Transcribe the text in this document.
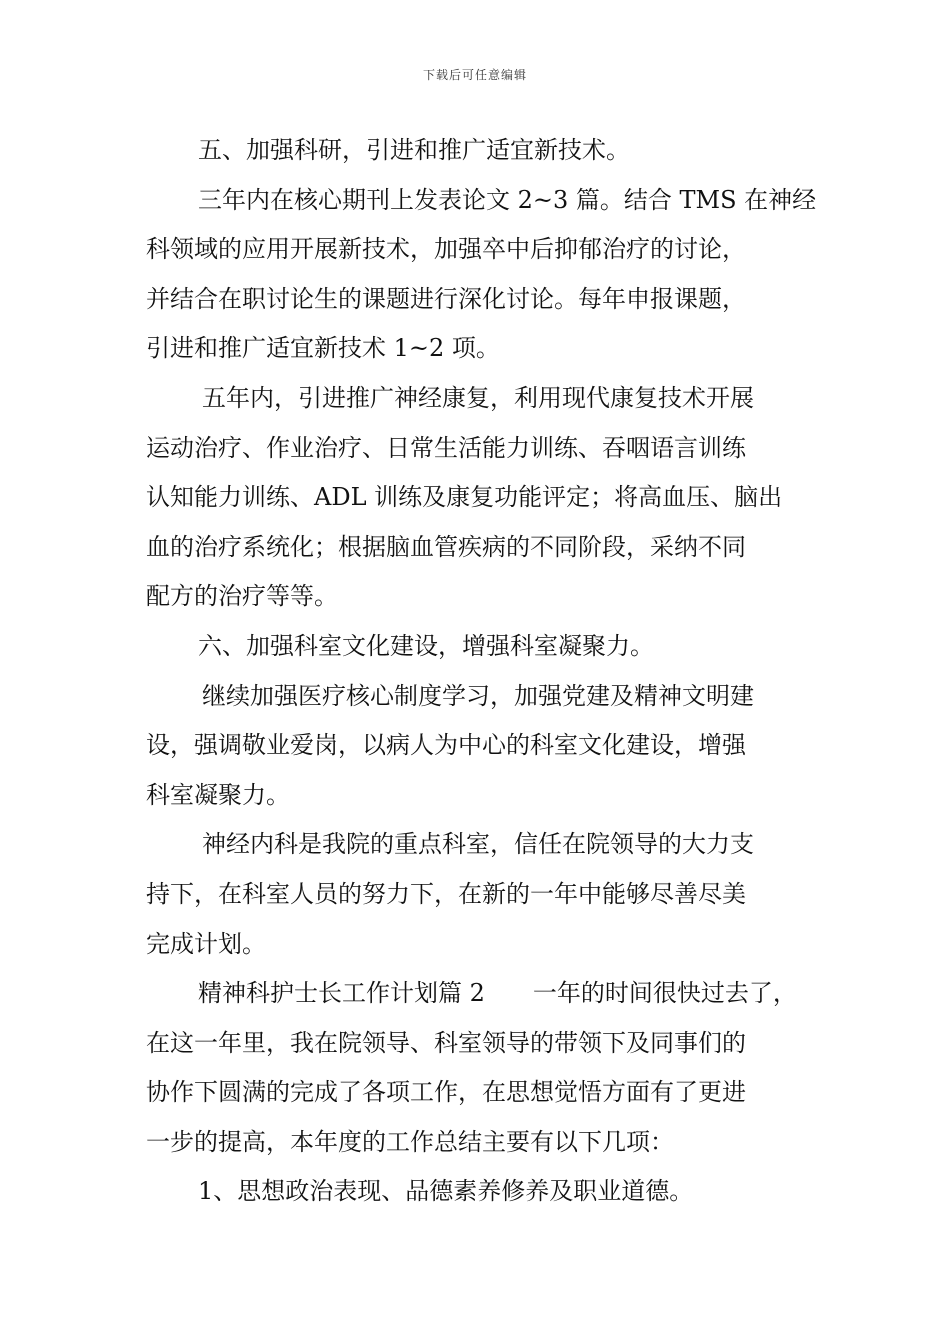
下载后可任意编辑
五、加强科研，引进和推广适宜新技术。
三年内在核心期刊上发表论文 2~3 篇。结合 TMS 在神经
科领域的应用开展新技术，加强卒中后抑郁治疗的讨论，
并结合在职讨论生的课题进行深化讨论。每年申报课题，
引进和推广适宜新技术 1~2 项。
五年内，引进推广神经康复，利用现代康复技术开展
运动治疗、作业治疗、日常生活能力训练、吞咽语言训练
认知能力训练、ADL 训练及康复功能评定；将高血压、脑出
血的治疗系统化；根据脑血管疾病的不同阶段，采纳不同
配方的治疗等等。
六、加强科室文化建设，增强科室凝聚力。
继续加强医疗核心制度学习，加强党建及精神文明建
设，强调敬业爱岗，以病人为中心的科室文化建设，增强
科室凝聚力。
神经内科是我院的重点科室，信任在院领导的大力支
持下，在科室人员的努力下，在新的一年中能够尽善尽美
完成计划。
精神科护士长工作计划篇 2　　一年的时间很快过去了，
在这一年里，我在院领导、科室领导的带领下及同事们的
协作下圆满的完成了各项工作，在思想觉悟方面有了更进
一步的提高，本年度的工作总结主要有以下几项：
1、思想政治表现、品德素养修养及职业道德。
